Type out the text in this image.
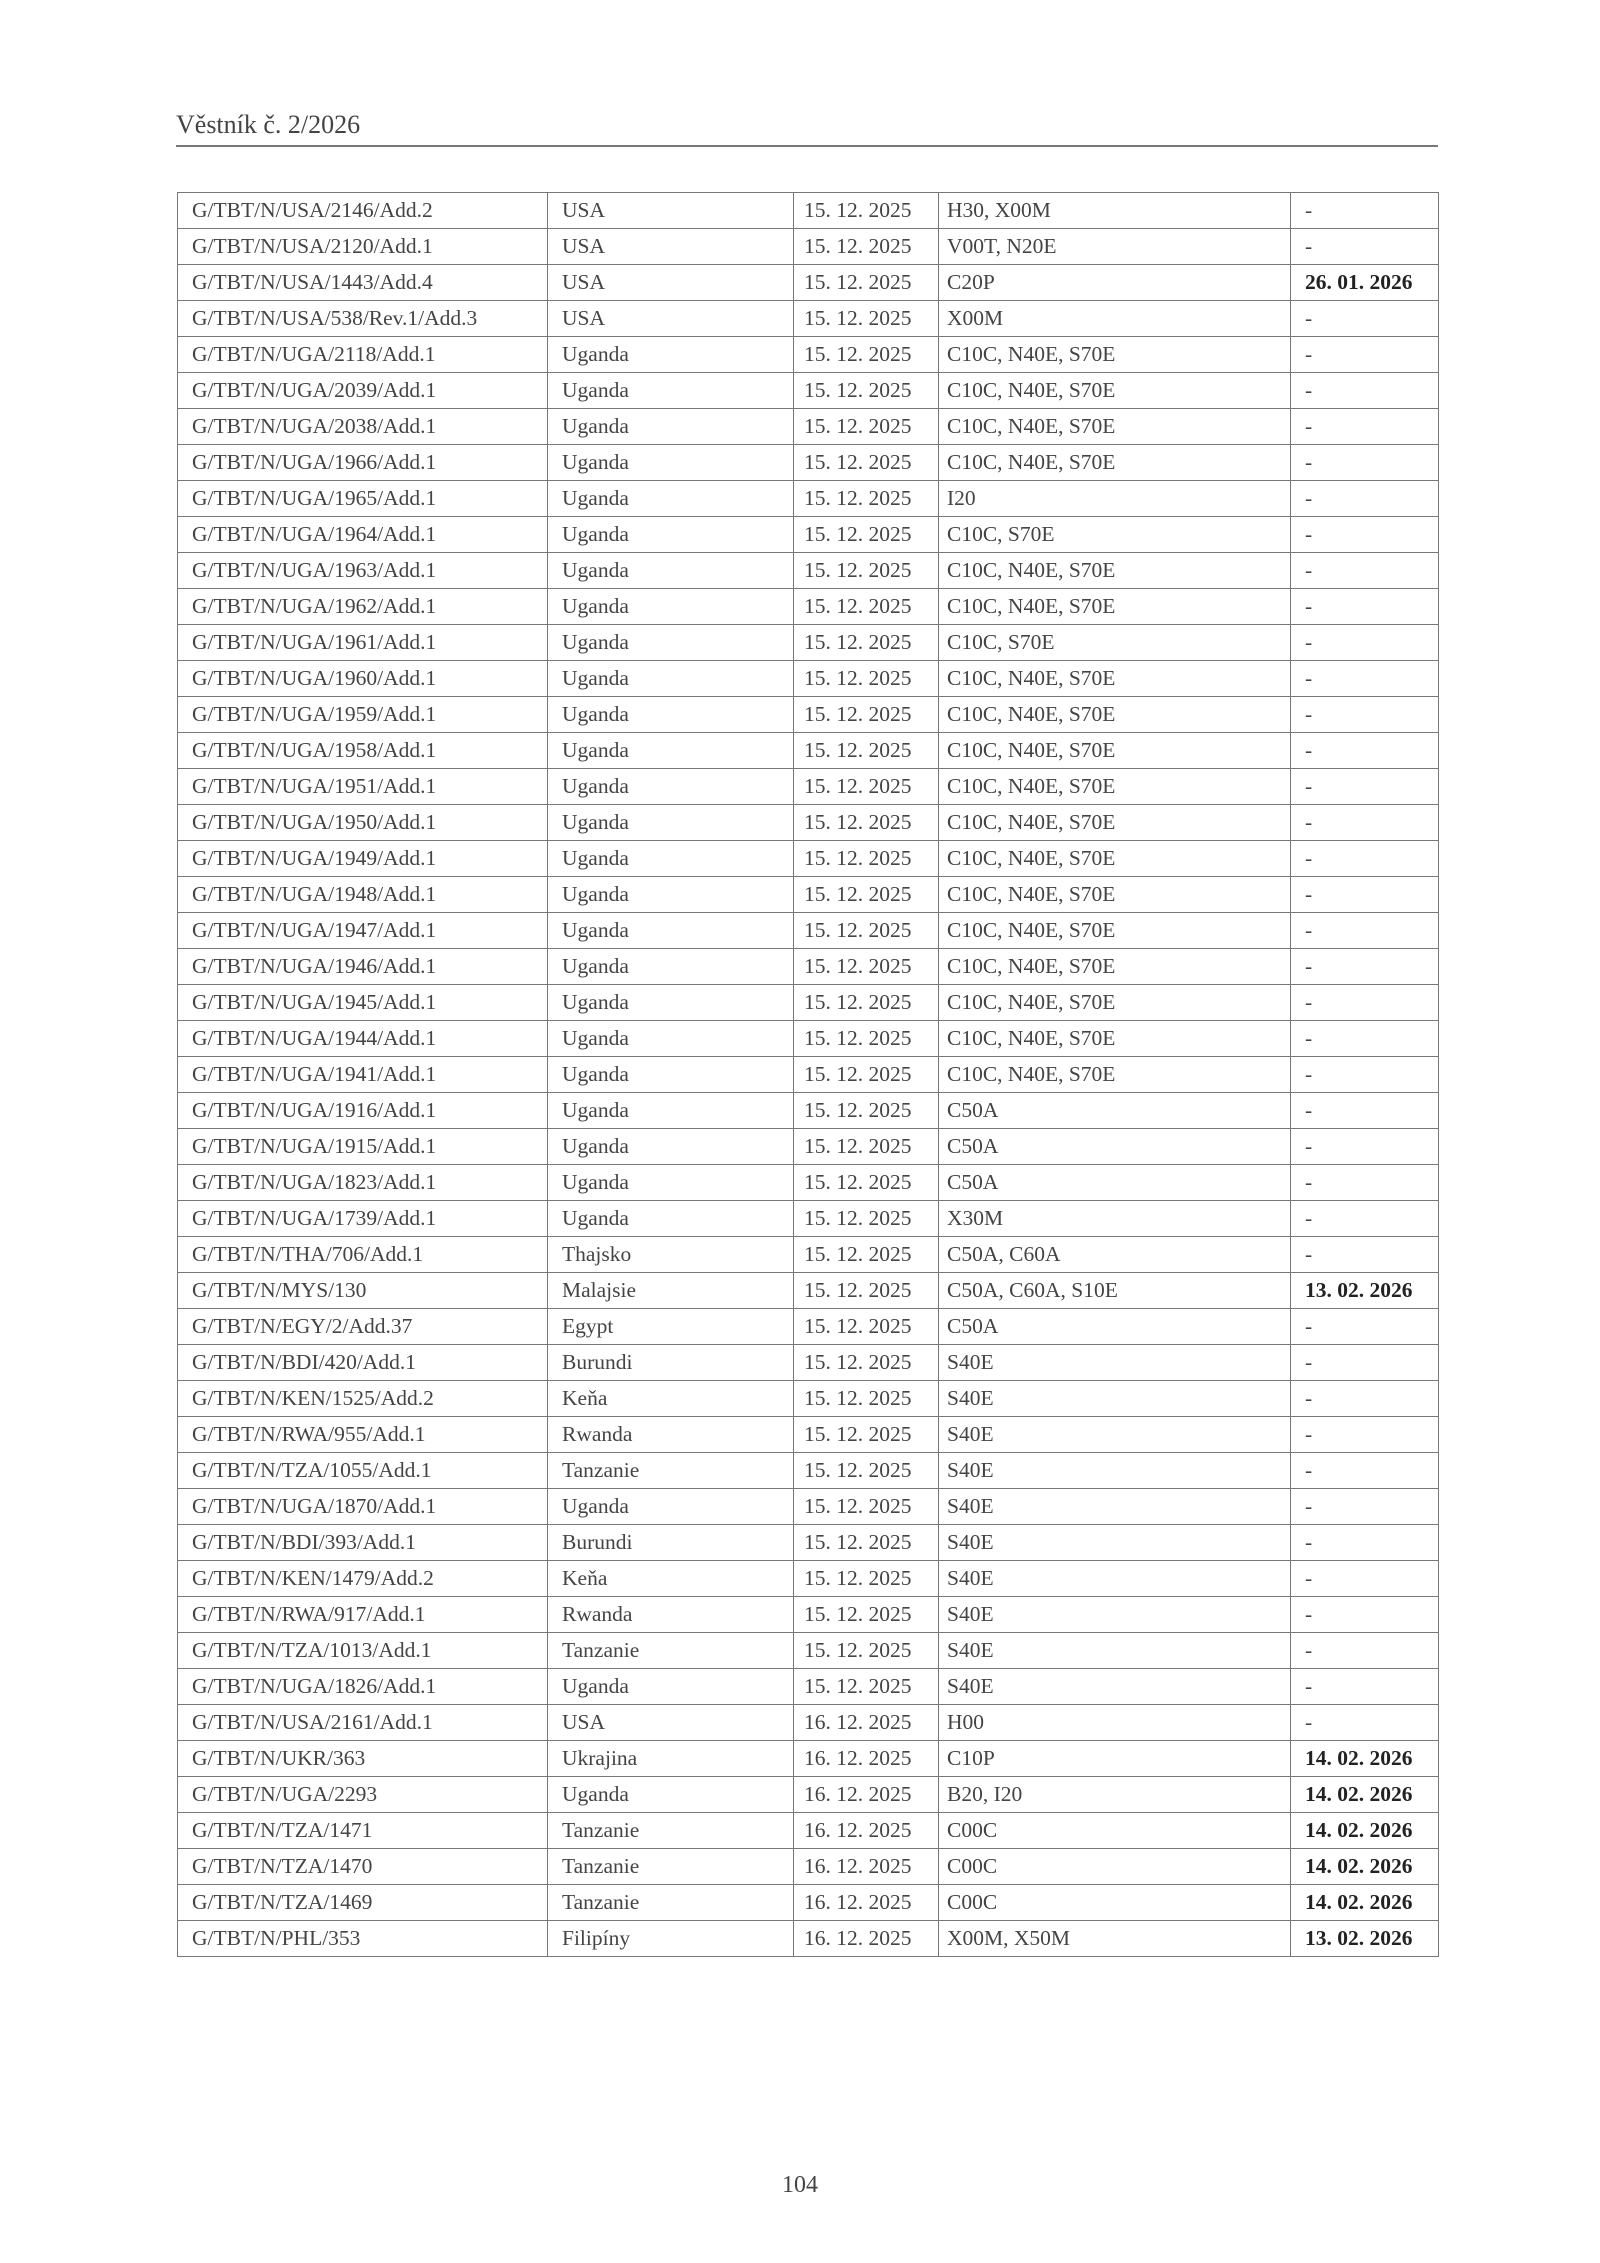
Věstník č. 2/2026
G/TBT/N/USA/2146/Add.2	USA	15. 12. 2025	H30, X00M	-
G/TBT/N/USA/2120/Add.1	USA	15. 12. 2025	V00T, N20E	-
G/TBT/N/USA/1443/Add.4	USA	15. 12. 2025	C20P	26. 01. 2026
G/TBT/N/USA/538/Rev.1/Add.3	USA	15. 12. 2025	X00M	-
G/TBT/N/UGA/2118/Add.1	Uganda	15. 12. 2025	C10C, N40E, S70E	-
G/TBT/N/UGA/2039/Add.1	Uganda	15. 12. 2025	C10C, N40E, S70E	-
G/TBT/N/UGA/2038/Add.1	Uganda	15. 12. 2025	C10C, N40E, S70E	-
G/TBT/N/UGA/1966/Add.1	Uganda	15. 12. 2025	C10C, N40E, S70E	-
G/TBT/N/UGA/1965/Add.1	Uganda	15. 12. 2025	I20	-
G/TBT/N/UGA/1964/Add.1	Uganda	15. 12. 2025	C10C, S70E	-
G/TBT/N/UGA/1963/Add.1	Uganda	15. 12. 2025	C10C, N40E, S70E	-
G/TBT/N/UGA/1962/Add.1	Uganda	15. 12. 2025	C10C, N40E, S70E	-
G/TBT/N/UGA/1961/Add.1	Uganda	15. 12. 2025	C10C, S70E	-
G/TBT/N/UGA/1960/Add.1	Uganda	15. 12. 2025	C10C, N40E, S70E	-
G/TBT/N/UGA/1959/Add.1	Uganda	15. 12. 2025	C10C, N40E, S70E	-
G/TBT/N/UGA/1958/Add.1	Uganda	15. 12. 2025	C10C, N40E, S70E	-
G/TBT/N/UGA/1951/Add.1	Uganda	15. 12. 2025	C10C, N40E, S70E	-
G/TBT/N/UGA/1950/Add.1	Uganda	15. 12. 2025	C10C, N40E, S70E	-
G/TBT/N/UGA/1949/Add.1	Uganda	15. 12. 2025	C10C, N40E, S70E	-
G/TBT/N/UGA/1948/Add.1	Uganda	15. 12. 2025	C10C, N40E, S70E	-
G/TBT/N/UGA/1947/Add.1	Uganda	15. 12. 2025	C10C, N40E, S70E	-
G/TBT/N/UGA/1946/Add.1	Uganda	15. 12. 2025	C10C, N40E, S70E	-
G/TBT/N/UGA/1945/Add.1	Uganda	15. 12. 2025	C10C, N40E, S70E	-
G/TBT/N/UGA/1944/Add.1	Uganda	15. 12. 2025	C10C, N40E, S70E	-
G/TBT/N/UGA/1941/Add.1	Uganda	15. 12. 2025	C10C, N40E, S70E	-
G/TBT/N/UGA/1916/Add.1	Uganda	15. 12. 2025	C50A	-
G/TBT/N/UGA/1915/Add.1	Uganda	15. 12. 2025	C50A	-
G/TBT/N/UGA/1823/Add.1	Uganda	15. 12. 2025	C50A	-
G/TBT/N/UGA/1739/Add.1	Uganda	15. 12. 2025	X30M	-
G/TBT/N/THA/706/Add.1	Thajsko	15. 12. 2025	C50A, C60A	-
G/TBT/N/MYS/130	Malajsie	15. 12. 2025	C50A, C60A, S10E	13. 02. 2026
G/TBT/N/EGY/2/Add.37	Egypt	15. 12. 2025	C50A	-
G/TBT/N/BDI/420/Add.1	Burundi	15. 12. 2025	S40E	-
G/TBT/N/KEN/1525/Add.2	Keňa	15. 12. 2025	S40E	-
G/TBT/N/RWA/955/Add.1	Rwanda	15. 12. 2025	S40E	-
G/TBT/N/TZA/1055/Add.1	Tanzanie	15. 12. 2025	S40E	-
G/TBT/N/UGA/1870/Add.1	Uganda	15. 12. 2025	S40E	-
G/TBT/N/BDI/393/Add.1	Burundi	15. 12. 2025	S40E	-
G/TBT/N/KEN/1479/Add.2	Keňa	15. 12. 2025	S40E	-
G/TBT/N/RWA/917/Add.1	Rwanda	15. 12. 2025	S40E	-
G/TBT/N/TZA/1013/Add.1	Tanzanie	15. 12. 2025	S40E	-
G/TBT/N/UGA/1826/Add.1	Uganda	15. 12. 2025	S40E	-
G/TBT/N/USA/2161/Add.1	USA	16. 12. 2025	H00	-
G/TBT/N/UKR/363	Ukrajina	16. 12. 2025	C10P	14. 02. 2026
G/TBT/N/UGA/2293	Uganda	16. 12. 2025	B20, I20	14. 02. 2026
G/TBT/N/TZA/1471	Tanzanie	16. 12. 2025	C00C	14. 02. 2026
G/TBT/N/TZA/1470	Tanzanie	16. 12. 2025	C00C	14. 02. 2026
G/TBT/N/TZA/1469	Tanzanie	16. 12. 2025	C00C	14. 02. 2026
G/TBT/N/PHL/353	Filipíny	16. 12. 2025	X00M, X50M	13. 02. 2026
104
